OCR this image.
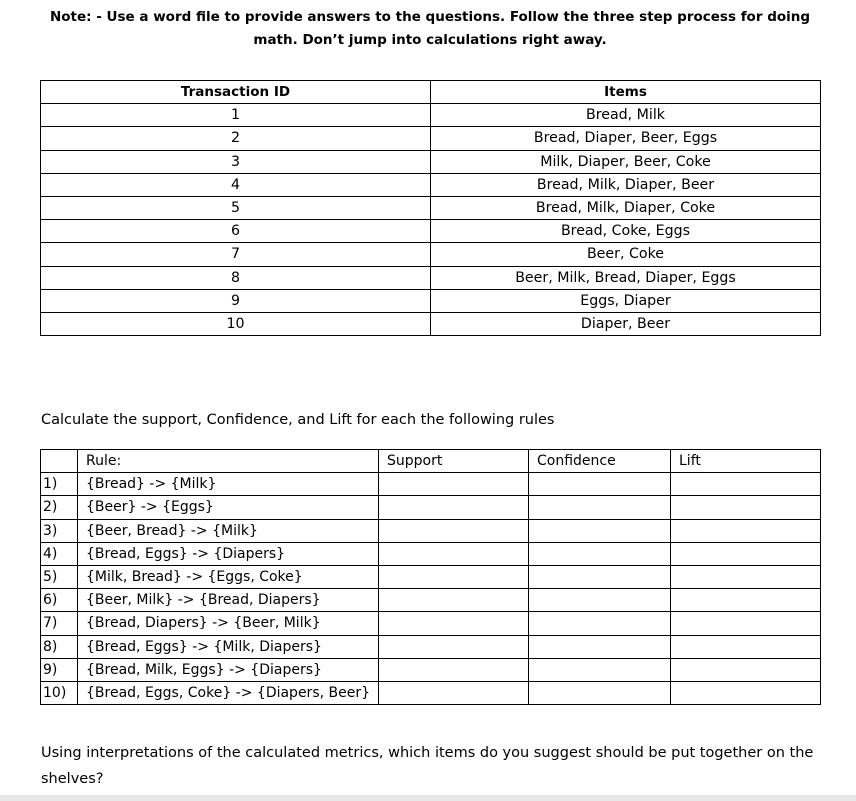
Note: - Use a word file to provide answers to the questions. Follow the three step process for doing math. Don’t jump into calculations right away.
Transaction ID	Items
1	Bread, Milk
2	Bread, Diaper, Beer, Eggs
3	Milk, Diaper, Beer, Coke
4	Bread, Milk, Diaper, Beer
5	Bread, Milk, Diaper, Coke
6	Bread, Coke, Eggs
7	Beer, Coke
8	Beer, Milk, Bread, Diaper, Eggs
9	Eggs, Diaper
10	Diaper, Beer
Calculate the support, Confidence, and Lift for each the following rules
	Rule:	Support	Confidence	Lift
1)	{Bread} -> {Milk}			
2)	{Beer} -> {Eggs}			
3)	{Beer, Bread} -> {Milk}			
4)	{Bread, Eggs} -> {Diapers}			
5)	{Milk, Bread} -> {Eggs, Coke}			
6)	{Beer, Milk} -> {Bread, Diapers}			
7)	{Bread, Diapers} -> {Beer, Milk}			
8)	{Bread, Eggs} -> {Milk, Diapers}			
9)	{Bread, Milk, Eggs} -> {Diapers}			
10)	{Bread, Eggs, Coke} -> {Diapers, Beer}			
Using interpretations of the calculated metrics, which items do you suggest should be put together on the shelves?
